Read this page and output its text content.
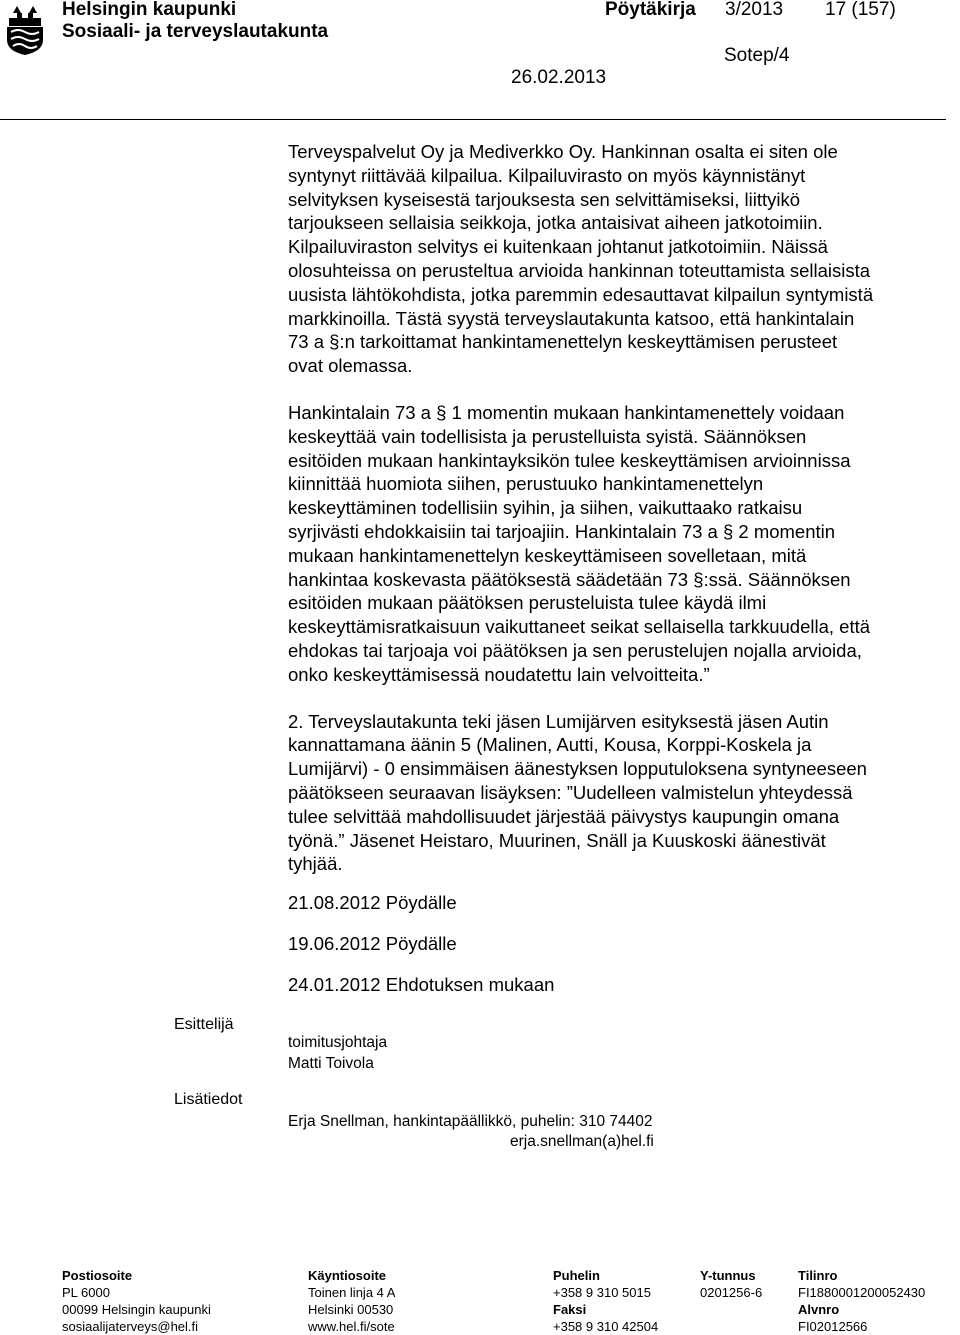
Helsingin kaupunki
Sosiaali- ja terveyslautakunta
Pöytäkirja 3/2013 17 (157)
Sotep/4
26.02.2013
Terveyspalvelut Oy ja Mediverkko Oy. Hankinnan osalta ei siten ole
syntynyt riittävää kilpailua. Kilpailuvirasto on myös käynnistänyt
selvityksen kyseisestä tarjouksesta sen selvittämiseksi, liittyikö
tarjoukseen sellaisia seikkoja, jotka antaisivat aiheen jatkotoimiin.
Kilpailuviraston selvitys ei kuitenkaan johtanut jatkotoimiin. Näissä
olosuhteissa on perusteltua arvioida hankinnan toteuttamista sellaisista
uusista lähtökohdista, jotka paremmin edesauttavat kilpailun syntymistä
markkinoilla. Tästä syystä terveyslautakunta katsoo, että hankintalain
73 a §:n tarkoittamat hankintamenettelyn keskeyttämisen perusteet
ovat olemassa.
Hankintalain 73 a § 1 momentin mukaan hankintamenettely voidaan
keskeyttää vain todellisista ja perustelluista syistä. Säännöksen
esitöiden mukaan hankintayksikön tulee keskeyttämisen arvioinnissa
kiinnittää huomiota siihen, perustuuko hankintamenettelyn
keskeyttäminen todellisiin syihin, ja siihen, vaikuttaako ratkaisu
syrjivästi ehdokkaisiin tai tarjoajiin. Hankintalain 73 a § 2 momentin
mukaan hankintamenettelyn keskeyttämiseen sovelletaan, mitä
hankintaa koskevasta päätöksestä säädetään 73 §:ssä. Säännöksen
esitöiden mukaan päätöksen perusteluista tulee käydä ilmi
keskeyttämisratkaisuun vaikuttaneet seikat sellaisella tarkkuudella, että
ehdokas tai tarjoaja voi päätöksen ja sen perustelujen nojalla arvioida,
onko keskeyttämisessä noudatettu lain velvoitteita.”
2. Terveyslautakunta teki jäsen Lumijärven esityksestä jäsen Autin
kannattamana äänin 5 (Malinen, Autti, Kousa, Korppi-Koskela ja
Lumijärvi) - 0 ensimmäisen äänestyksen lopputuloksena syntyneeseen
päätökseen seuraavan lisäyksen: ”Uudelleen valmistelun yhteydessä
tulee selvittää mahdollisuudet järjestää päivystys kaupungin omana
työnä.” Jäsenet Heistaro, Muurinen, Snäll ja Kuuskoski äänestivät
tyhjää.
21.08.2012 Pöydälle
19.06.2012 Pöydälle
24.01.2012 Ehdotuksen mukaan
Esittelijä
toimitusjohtaja
Matti Toivola
Lisätiedot
Erja Snellman, hankintapäällikkö, puhelin: 310 74402
erja.snellman(a)hel.fi
Postiosoite
PL 6000
00099 Helsingin kaupunki
sosiaalijaterveys@hel.fi
Käyntiosoite
Toinen linja 4 A
Helsinki 00530
www.hel.fi/sote
Puhelin
+358 9 310 5015
Faksi
+358 9 310 42504
Y-tunnus
0201256-6
Tilinro
FI1880001200052430
Alvnro
FI02012566
